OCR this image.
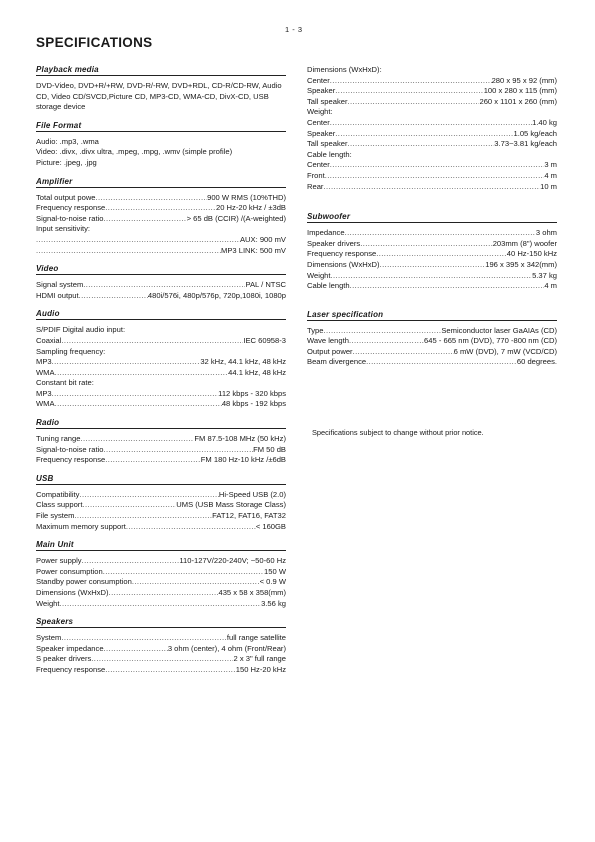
1 - 3
SPECIFICATIONS
Playback media
DVD-Video, DVD+R/+RW, DVD-R/-RW, DVD+RDL, CD-R/CD-RW, Audio CD, Video CD/SVCD,Picture CD, MP3-CD, WMA-CD, DivX-CD, USB storage device
File Format
Audio: .mp3, .wma
Video: .divx, .divx ultra, .mpeg, .mpg, .wmv (simple profile)
Picture: .jpeg, .jpg
Amplifier
Total output powe .....	900 W RMS (10%THD)
Frequency response .....	20 Hz-20 kHz / ±3dB
Signal-to-noise ratio .....	> 65 dB (CCIR) /(A-weighted)
Input sensitivity:
.....
AUX: 900 mV
.....
MP3 LINK: 500 mV
Video
Signal system .....	PAL / NTSC
HDMI output .....	480i/576i, 480p/576p, 720p,1080i, 1080p
Audio
S/PDIF Digital audio input:
Coaxial .....	IEC 60958-3
Sampling frequency:
MP3 .....	32 kHz, 44.1 kHz, 48 kHz
WMA .....	44.1 kHz, 48 kHz
Constant bit rate:
MP3 .....	112 kbps - 320 kbps
WMA .....	48 kbps - 192 kbps
Radio
Tuning range .....	FM 87.5-108 MHz (50 kHz)
Signal-to-noise ratio .....	FM 50 dB
Frequency response .....	FM 180 Hz-10 kHz /±6dB
USB
Compatibility .....	Hi-Speed USB (2.0)
Class support .....	UMS (USB Mass Storage Class)
File system .....	FAT12, FAT16, FAT32
Maximum memory support .....	< 160GB
Main Unit
Power supply .....	110-127V/220-240V; ~50-60 Hz
Power consumption .....	150 W
Standby power consumption .....	< 0.9 W
Dimensions (WxHxD) .....	435 x 58 x 358(mm)
Weight .....	3.56 kg
Speakers
System .....	full range satellite
Speaker impedance .....	3 ohm (center), 4 ohm (Front/Rear)
S peaker drivers .....	2 x 3" full range
Frequency response .....	150 Hz-20 kHz
Dimensions (WxHxD):
Center .....	280 x 95 x 92 (mm)
Speaker .....	100 x 280 x 115 (mm)
Tall speaker .....	260 x 1101 x 260 (mm)
Weight:
Center .....	1.40 kg
Speaker .....	1.05 kg/each
Tall speaker .....	3.73~3.81 kg/each
Cable length:
Center .....	3 m
Front .....	4 m
Rear .....	10 m
Subwoofer
Impedance .....	3 ohm
Speaker drivers .....	203mm (8") woofer
Frequency response .....	40 Hz-150 kHz
Dimensions (WxHxD) .....	196 x 395 x 342(mm)
Weight .....	5.37 kg
Cable length .....	4 m
Laser specification
Type .....	Semiconductor laser GaAIAs (CD)
Wave length .....	645 - 665 nm (DVD), 770 -800 nm (CD)
Output power .....	6 mW (DVD), 7 mW (VCD/CD)
Beam divergence .....	60 degrees.
Specifications subject to change without prior notice.
